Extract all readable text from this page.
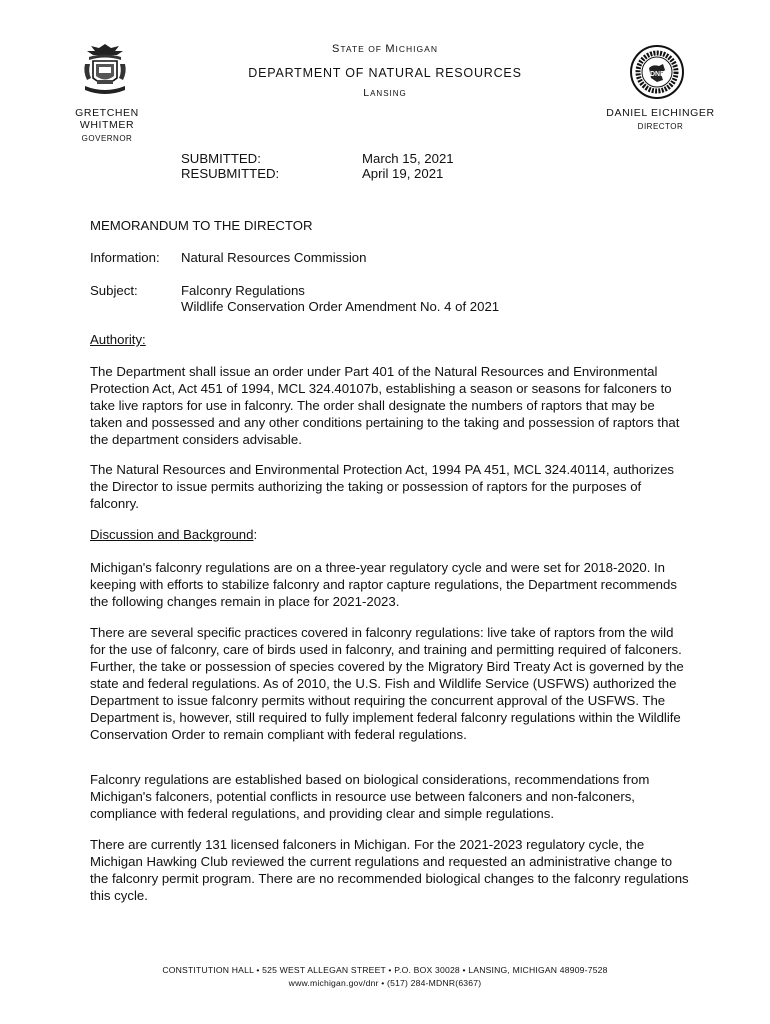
DNR
STATE OF MICHIGAN
DEPARTMENT OF NATURAL RESOURCES
LANSING
GRETCHEN WHITMER
GOVERNOR
DANIEL EICHINGER
DIRECTOR
SUBMITTED:	March 15, 2021
RESUBMITTED:	April 19, 2021
MEMORANDUM TO THE DIRECTOR
Information: Natural Resources Commission
Subject:	Falconry Regulations
Wildlife Conservation Order Amendment No. 4 of 2021
Authority:
The Department shall issue an order under Part 401 of the Natural Resources and Environmental Protection Act, Act 451 of 1994, MCL 324.40107b, establishing a season or seasons for falconers to take live raptors for use in falconry. The order shall designate the numbers of raptors that may be taken and possessed and any other conditions pertaining to the taking and possession of raptors that the department considers advisable.
The Natural Resources and Environmental Protection Act, 1994 PA 451, MCL 324.40114, authorizes the Director to issue permits authorizing the taking or possession of raptors for the purposes of falconry.
Discussion and Background:
Michigan's falconry regulations are on a three-year regulatory cycle and were set for 2018-2020. In keeping with efforts to stabilize falconry and raptor capture regulations, the Department recommends the following changes remain in place for 2021-2023.
There are several specific practices covered in falconry regulations: live take of raptors from the wild for the use of falconry, care of birds used in falconry, and training and permitting required of falconers. Further, the take or possession of species covered by the Migratory Bird Treaty Act is governed by the state and federal regulations. As of 2010, the U.S. Fish and Wildlife Service (USFWS) authorized the Department to issue falconry permits without requiring the concurrent approval of the USFWS. The Department is, however, still required to fully implement federal falconry regulations within the Wildlife Conservation Order to remain compliant with federal regulations.
Falconry regulations are established based on biological considerations, recommendations from Michigan's falconers, potential conflicts in resource use between falconers and non-falconers, compliance with federal regulations, and providing clear and simple regulations.
There are currently 131 licensed falconers in Michigan. For the 2021-2023 regulatory cycle, the Michigan Hawking Club reviewed the current regulations and requested an administrative change to the falconry permit program. There are no recommended biological changes to the falconry regulations this cycle.
CONSTITUTION HALL • 525 WEST ALLEGAN STREET • P.O. BOX 30028 • LANSING, MICHIGAN 48909-7528
www.michigan.gov/dnr • (517) 284-MDNR(6367)
